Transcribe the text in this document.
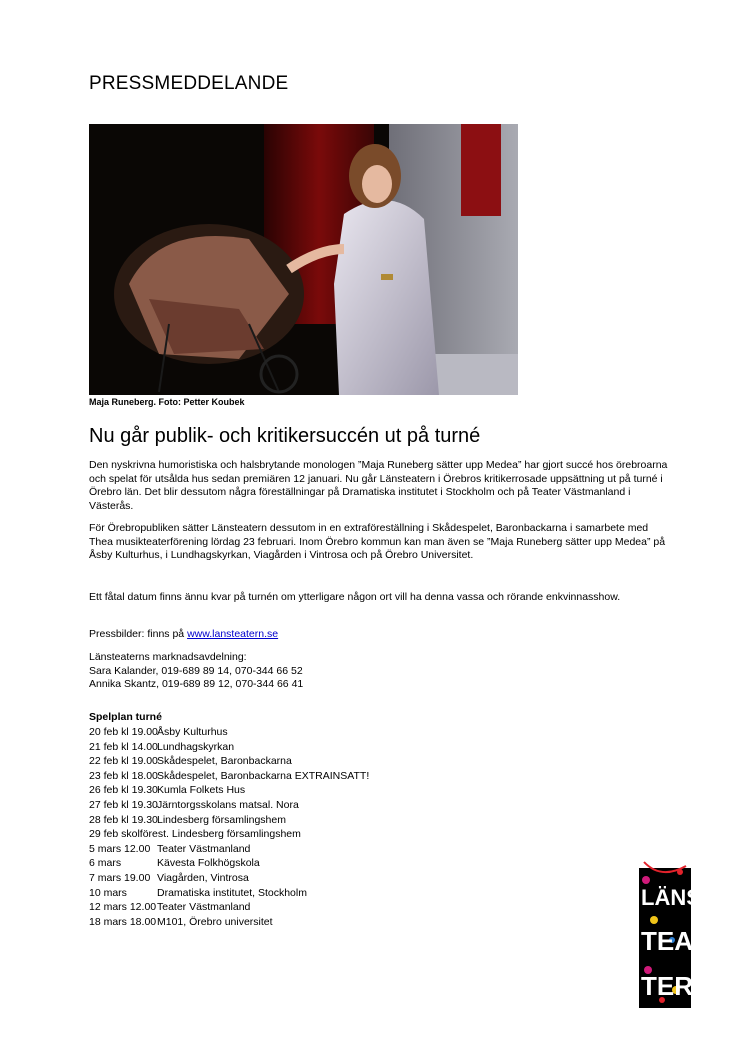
PRESSMEDDELANDE
Maja Runeberg. Foto: Petter Koubek
Nu går publik- och kritikersuccén ut på turné
Den nyskrivna humoristiska och halsbrytande monologen ”Maja Runeberg sätter upp Medea” har gjort succé hos örebroarna och spelat för utsålda hus sedan premiären 12 januari. Nu går Länsteatern i Örebros kritikerrosade uppsättning ut på turné i Örebro län. Det blir dessutom några föreställningar på Dramatiska institutet i Stockholm och på Teater Västmanland i Västerås.
För Örebropubliken sätter Länsteatern dessutom in en extraföreställning i Skådespelet, Baronbackarna i samarbete med Thea musikteaterförening lördag 23 februari. Inom Örebro kommun kan man även se ”Maja Runeberg sätter upp Medea” på Åsby Kulturhus, i Lundhagskyrkan, Viagården i Vintrosa och på Örebro Universitet.
Ett fåtal datum finns ännu kvar på turnén om ytterligare någon ort vill ha denna vassa och rörande enkvinnasshow.
Pressbilder: finns på www.lansteatern.se
Länsteaterns marknadsavdelning:
Sara Kalander, 019-689 89 14, 070-344 66 52
Annika Skantz, 019-689 89 12, 070-344 66 41
Spelplan turné
20 feb kl 19.00Åsby Kulturhus
21 feb kl 14.00Lundhagskyrkan
22 feb kl 19.00Skådespelet, Baronbackarna
23 feb kl 18.00Skådespelet, Baronbackarna EXTRAINSATT!
26 feb kl 19.30Kumla Folkets Hus
27 feb kl 19.30Järntorgsskolans matsal. Nora
28 feb kl 19.30Lindesberg församlingshem
29 feb skolförest. Lindesberg församlingshem
5 mars 12.00 Teater Västmanland
6 mars	Kävesta Folkhögskola
7 mars 19.00 Viagården, Vintrosa
10 mars	Dramatiska institutet, Stockholm
12 mars 12.00Teater Västmanland
18 mars 18.00M101, Örebro universitet
LÄNS
TEA
TER
